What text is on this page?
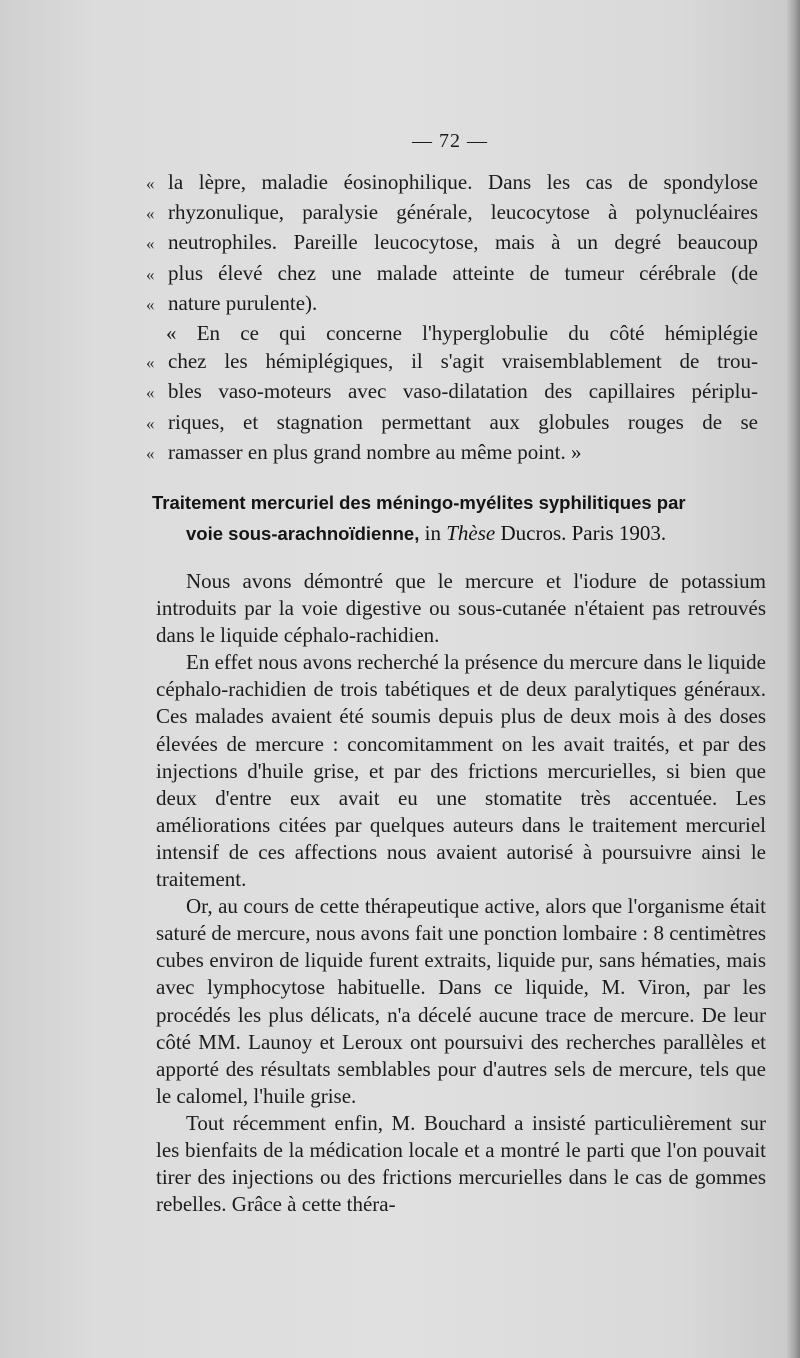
— 72 —
« la lèpre, maladie éosinophilique. Dans les cas de spondylose
« rhyzonulique, paralysie générale, leucocytose à polynucléaires
« neutrophiles. Pareille leucocytose, mais à un degré beaucoup
« plus élevé chez une malade atteinte de tumeur cérébrale (de
« nature purulente).
« En ce qui concerne l'hyperglobulie du côté hémiplégie
« chez les hémiplégiques, il s'agit vraisemblablement de trou-
« bles vaso-moteurs avec vaso-dilatation des capillaires périplu-
« riques, et stagnation permettant aux globules rouges de se
« ramasser en plus grand nombre au même point. »
Traitement mercuriel des méningo-myélites syphilitiques par
voie sous-arachnoïdienne, in Thèse Ducros. Paris 1903.

Nous avons démontré que le mercure et l'iodure de potassium introduits par la voie digestive ou sous-cutanée n'étaient pas retrouvés dans le liquide céphalo-rachidien.

En effet nous avons recherché la présence du mercure dans le liquide céphalo-rachidien de trois tabétiques et de deux paralytiques généraux. Ces malades avaient été soumis depuis plus de deux mois à des doses élevées de mercure : concomitamment on les avait traités, et par des injections d'huile grise, et par des frictions mercurielles, si bien que deux d'entre eux avait eu une stomatite très accentuée. Les améliorations citées par quelques auteurs dans le traitement mercuriel intensif de ces affections nous avaient autorisé à poursuivre ainsi le traitement.

Or, au cours de cette thérapeutique active, alors que l'organisme était saturé de mercure, nous avons fait une ponction lombaire : 8 centimètres cubes environ de liquide furent extraits, liquide pur, sans hématies, mais avec lymphocytose habituelle. Dans ce liquide, M. Viron, par les procédés les plus délicats, n'a décelé aucune trace de mercure. De leur côté MM. Launoy et Leroux ont poursuivi des recherches parallèles et apporté des résultats semblables pour d'autres sels de mercure, tels que le calomel, l'huile grise.

Tout récemment enfin, M. Bouchard a insisté particulièrement sur les bienfaits de la médication locale et a montré le parti que l'on pouvait tirer des injections ou des frictions mercurielles dans le cas de gommes rebelles. Grâce à cette théra-
